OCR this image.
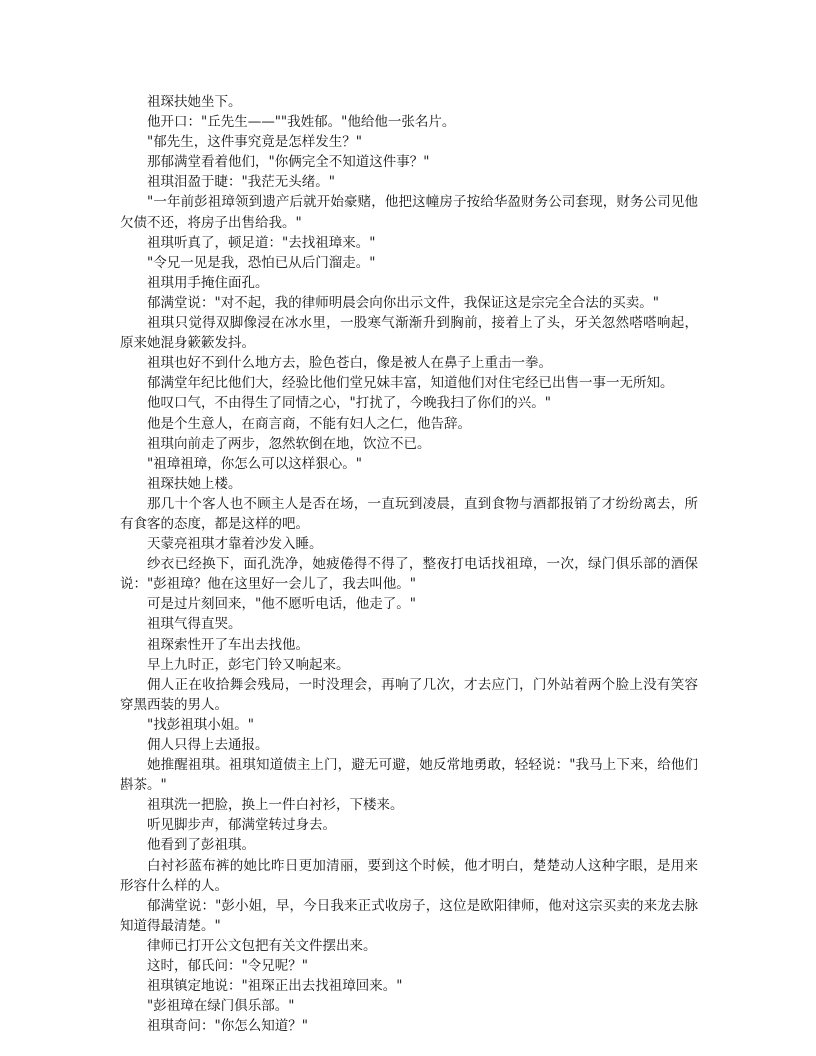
祖琛扶她坐下。

他开口："丘先生——""我姓郁。"他给他一张名片。

"郁先生，这件事究竟是怎样发生？"

那郁满堂看着他们，"你俩完全不知道这件事？"

祖琪泪盈于睫："我茫无头绪。"

"一年前彭祖璋领到遗产后就开始豪赌，他把这幢房子按给华盈财务公司套现，财务公司见他欠债不还，将房子出售给我。"

祖琪听真了，顿足道："去找祖璋来。"

"令兄一见是我，恐怕已从后门溜走。"

祖琪用手掩住面孔。

郁满堂说："对不起，我的律师明晨会向你出示文件，我保证这是宗完全合法的买卖。"

祖琪只觉得双脚像浸在冰水里，一股寒气渐渐升到胸前，接着上了头，牙关忽然嗒嗒响起，原来她混身簌簌发抖。

祖琪也好不到什么地方去，脸色苍白，像是被人在鼻子上重击一拳。

郁满堂年纪比他们大，经验比他们堂兄妹丰富，知道他们对住宅经已出售一事一无所知。

他叹口气，不由得生了同情之心，"打扰了，今晚我扫了你们的兴。"

他是个生意人，在商言商，不能有妇人之仁，他告辞。

祖琪向前走了两步，忽然软倒在地，饮泣不已。

"祖璋祖璋，你怎么可以这样狠心。"

祖琛扶她上楼。

那几十个客人也不顾主人是否在场，一直玩到凌晨，直到食物与酒都报销了才纷纷离去，所有食客的态度，都是这样的吧。

天蒙亮祖琪才靠着沙发入睡。

纱衣已经换下，面孔洗净，她疲倦得不得了，整夜打电话找祖璋，一次，绿门俱乐部的酒保说："彭祖璋？他在这里好一会儿了，我去叫他。"

可是过片刻回来，"他不愿听电话，他走了。"

祖琪气得直哭。

祖琛索性开了车出去找他。

早上九时正，彭宅门铃又响起来。

佣人正在收拾舞会残局，一时没理会，再响了几次，才去应门，门外站着两个脸上没有笑容穿黑西装的男人。

"找彭祖琪小姐。"

佣人只得上去通报。

她推醒祖琪。祖琪知道债主上门，避无可避，她反常地勇敢，轻轻说："我马上下来，给他们斟茶。"

祖琪洗一把脸，换上一件白衬衫，下楼来。

听见脚步声，郁满堂转过身去。

他看到了彭祖琪。

白衬衫蓝布裤的她比昨日更加清丽，要到这个时候，他才明白，楚楚动人这种字眼，是用来形容什么样的人。

郁满堂说："彭小姐，早，今日我来正式收房子，这位是欧阳律师，他对这宗买卖的来龙去脉知道得最清楚。"

律师已打开公文包把有关文件摆出来。

这时，郁氏问："令兄呢？"

祖琪镇定地说："祖琛正出去找祖璋回来。"

"彭祖璋在绿门俱乐部。"

祖琪奇问："你怎么知道？"
